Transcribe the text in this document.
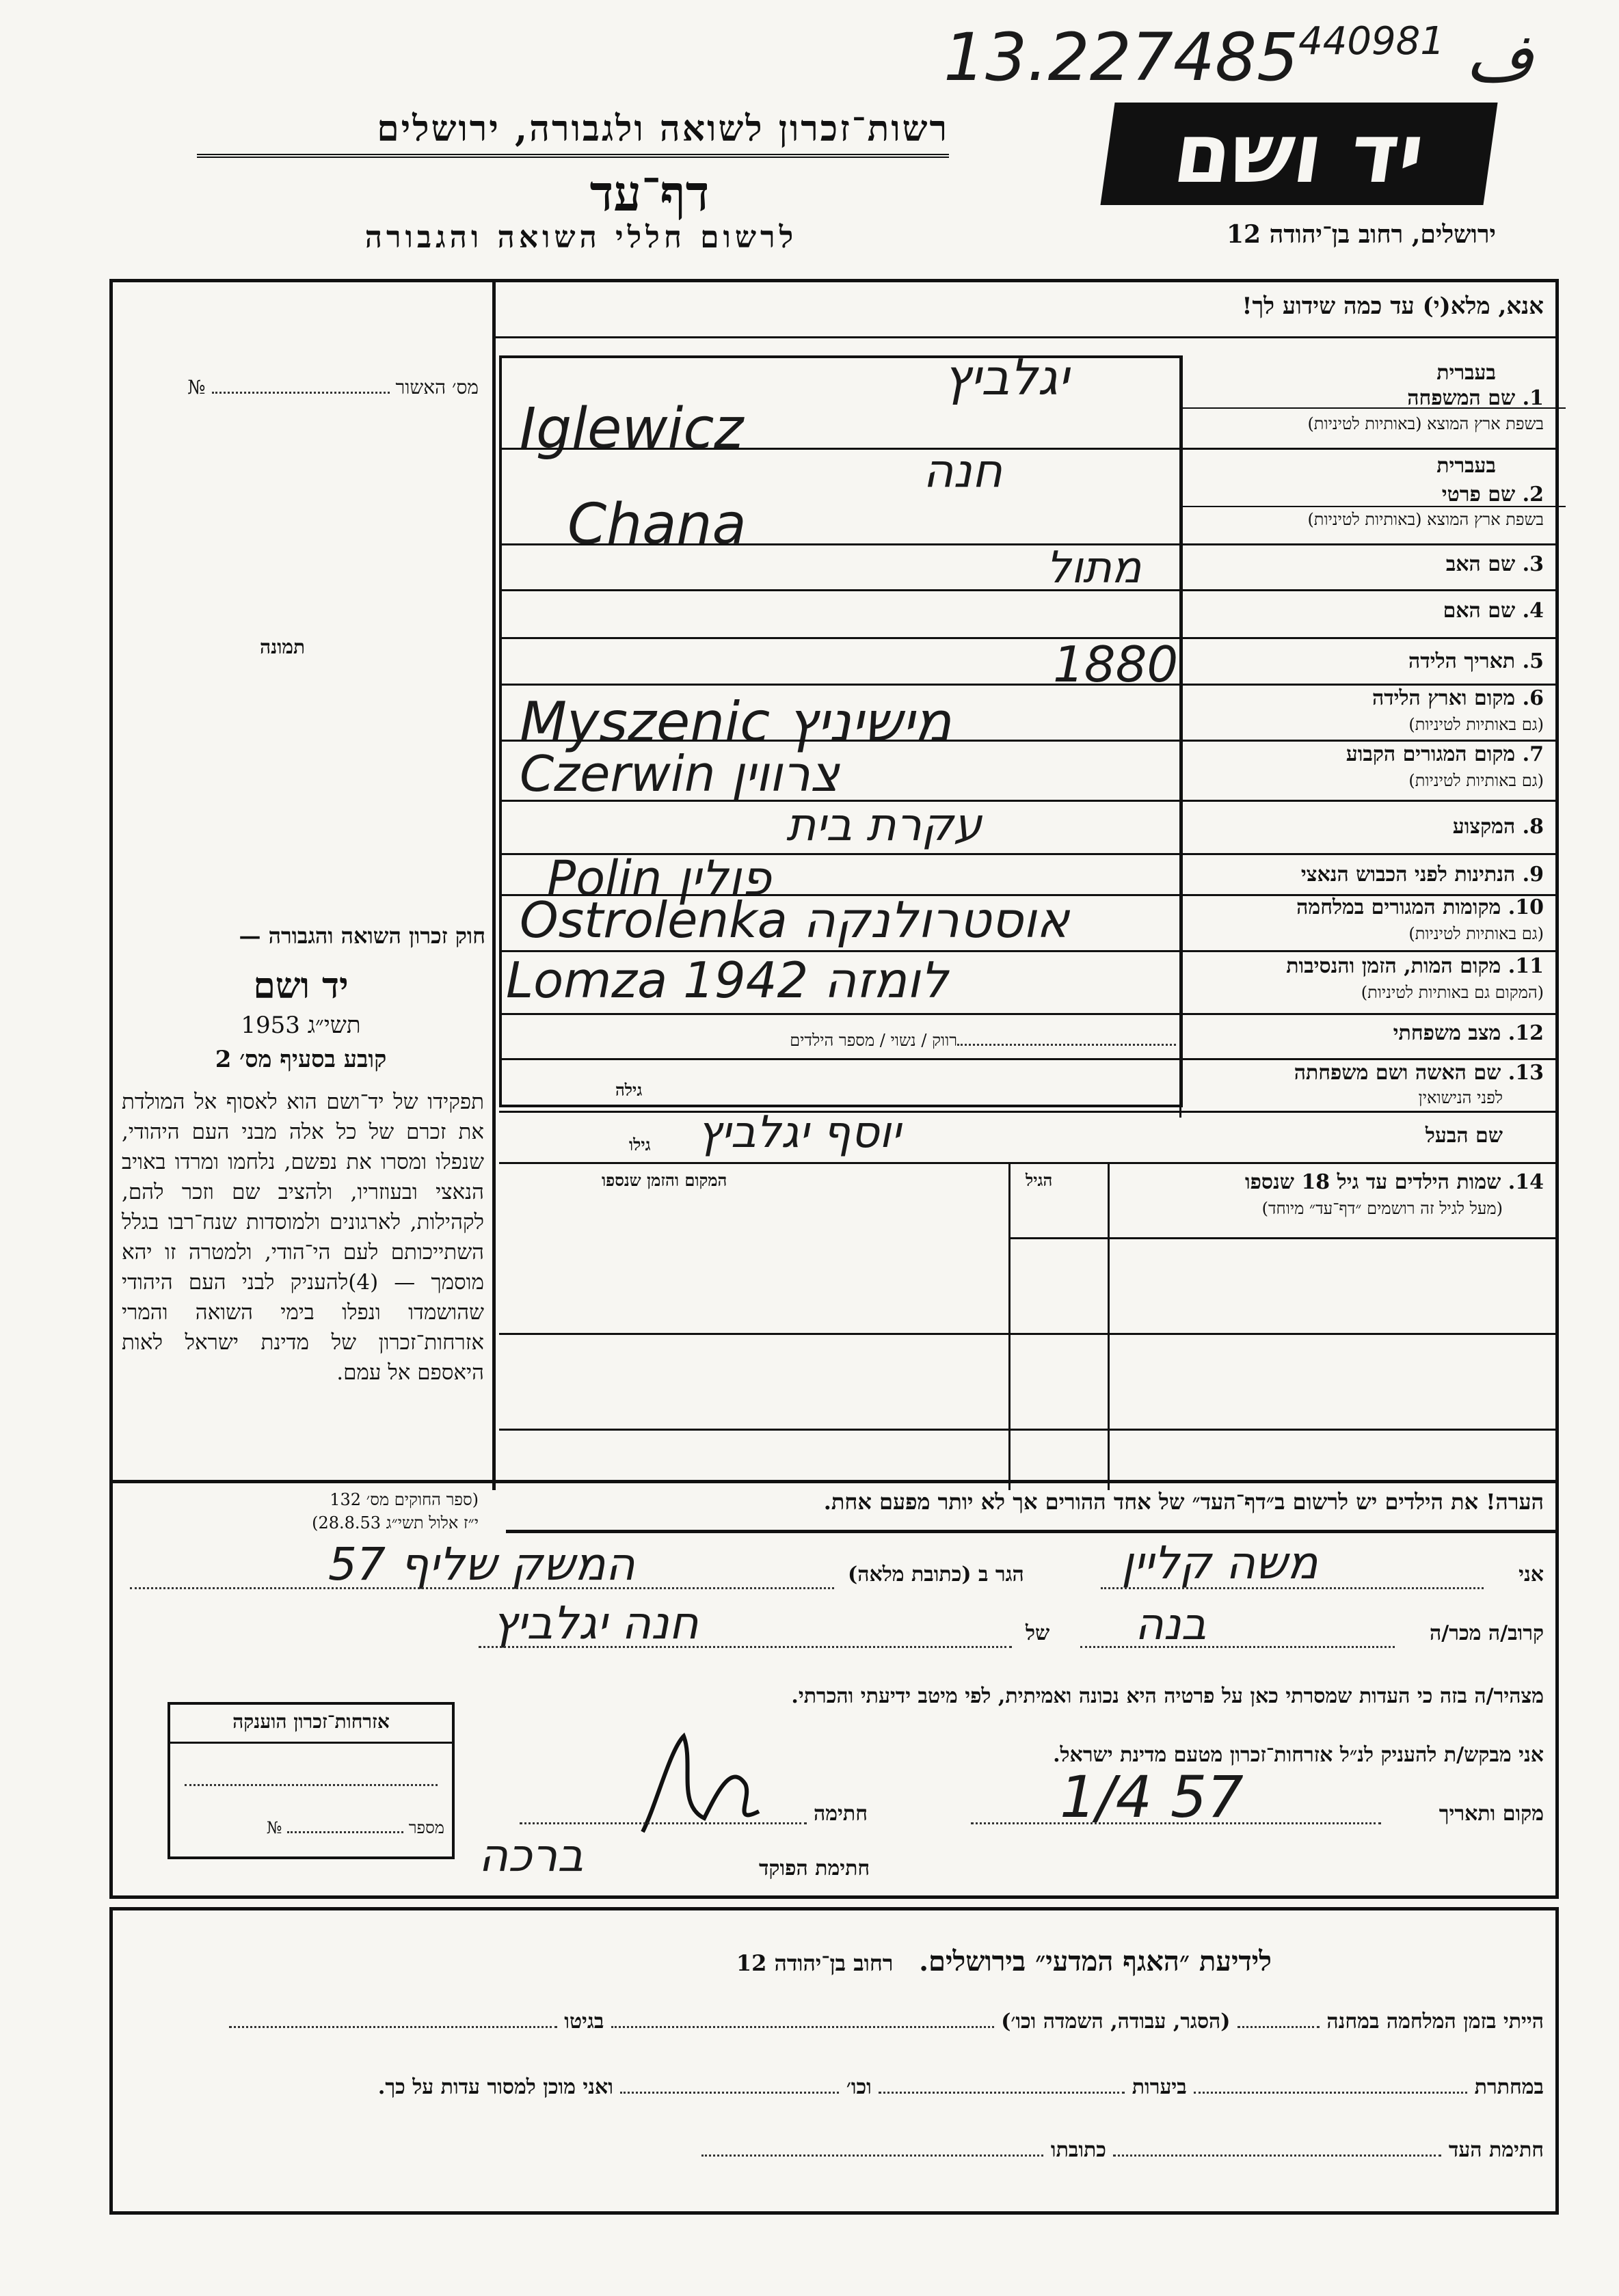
13.ف $227485^{440981}$
רשות־זכרון לשואה ולגבורה, ירושלים
דף־עד
לרשום חללי השואה והגבורה
יד ושם
ירושלים, רחוב בן־יהודה 12
אנא, מלא(י) עד כמה שידוע לך!
מס׳ האשור  №
תמונה
חוק זכרון השואה והגבורה —
יד ושם
תשי״ג 1953
קובע בסעיף מס׳ 2
תפקידו של יד־ושם הוא לאסוף אל המולדת את זכרם של כל אלה מבני העם היהודי, שנפלו ומסרו את נפשם, נלחמו ומרדו באויב הנאצי ובעוזריו, ולהציב שם וזכר להם, לקהילות, לארגונים ולמוסדות שנח־רבו בגלל השתייכותם לעם הי־הודי, ולמטרה זו יהא מוסמך — (4)להעניק לבני העם היהודי שהושמדו ונפלו בימי השואה והמרי אזרחות־זכרון של מדינת ישראל לאות היאספם אל עמם.
(ספר החוקים מס׳ 132
י״ז אלול תשי״ג 28.8.53)
בעברית
1. שם המשפחה
בשפת ארץ המוצא (באותיות לטיניות)
יגלביץ
Iglewicz
בעברית
2. שם פרטי
בשפת ארץ המוצא (באותיות לטיניות)
חנה
Chana
3. שם האב
מתול
4. שם האם
5. תאריך הלידה
1880
6. מקום וארץ הלידה
(גם באותיות לטיניות)
Myszenic מישיניץ
7. מקום המגורים הקבוע
(גם באותיות לטיניות)
Czerwin צרווין
8. המקצוע
עקרת בית
9. הנתינות לפני הכבוש הנאצי
Polin פולין
10. מקומות המגורים במלחמה
(גם באותיות לטיניות)
Ostrolenka אוסטרולנקה
11. מקום המות, הזמן והנסיבות
(המקום גם באותיות לטיניות)
Lomza 1942 לומזה
12. מצב משפחתי
רווק / נשוי / מספר הילדים
13. שם האשה ושם משפחתה
לפני הנישואין
גילה
שם הבעל
גילו יוסף יגלביץ
14. שמות הילדים עד גיל 18 שנספו
(מעל לגיל זה רושמים ״דף־עד״ מיוחד)
הגיל
המקום והזמן שנספו
הערה! את הילדים יש לרשום ב״דף־העד״ של אחד ההורים אך לא יותר מפעם אחת.
אני
משה קליין
הגר ב (כתובת מלאה)
המשק שליף 57
קרוב/ה מכר/ה
בנה
של
חנה יגלביץ
מצהיר/ה בזה כי העדות שמסרתי כאן על פרטיה היא נכונה ואמיתית, לפי מיטב ידיעתי והכרתי.
אני מבקש/ת להעניק לנ״ל אזרחות־זכרון מטעם מדינת ישראל.
מקום ותאריך
1/4 57
חתימה
חתימת הפוקד
ברכה
אזרחות־זכרון הוענקה
מספר  №
לידיעת ״האגף המדעי״ בירושלים.   רחוב בן־יהודה 12
הייתי בזמן המלחמה במחנה  (הסגר, עבודה, השמדה וכו׳)  בגיטו
במחתרת  ביערות  וכו׳  ואני מוכן למסור עדות על כך.
חתימת העד  כתובתו
